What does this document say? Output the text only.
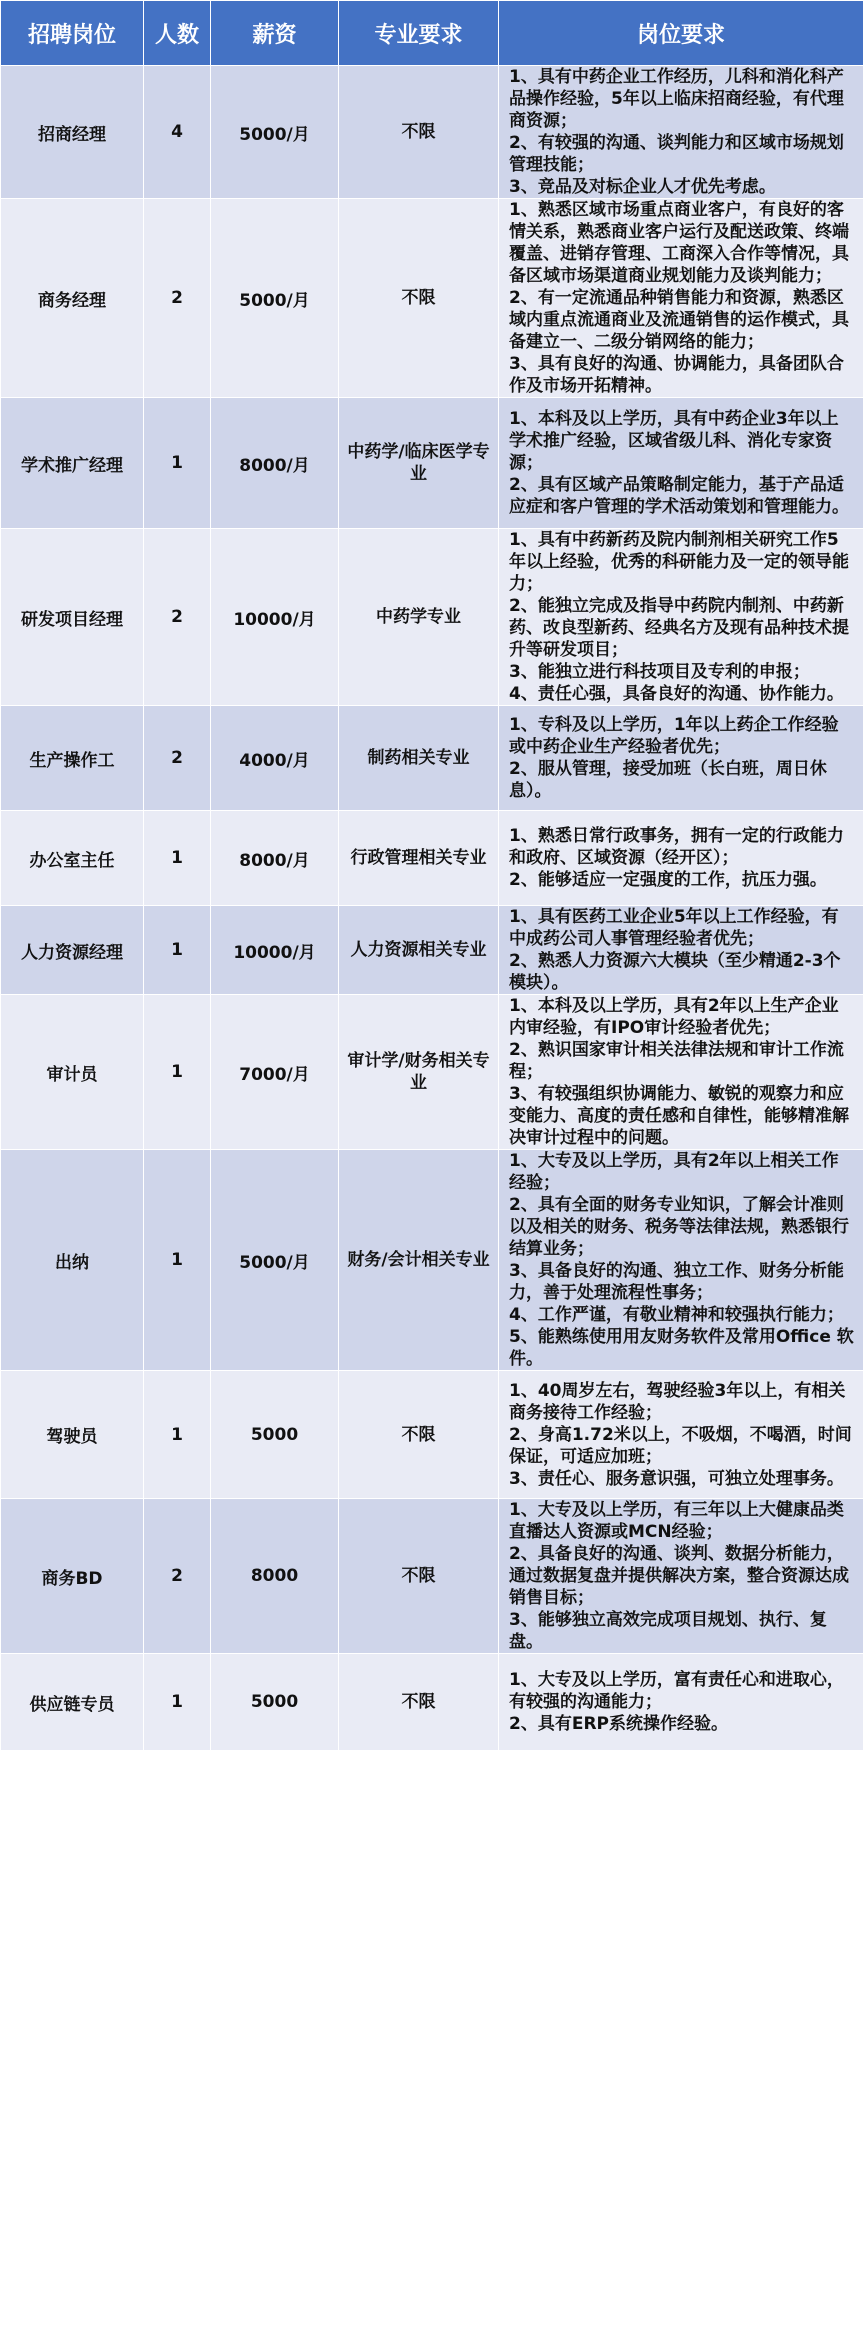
招聘岗位	人数	薪资	专业要求	岗位要求
招商经理	4	5000/月	不限	1、具有中药企业工作经历，儿科和消化科产品操作经验，5年以上临床招商经验，有代理商资源；
2、有较强的沟通、谈判能力和区域市场规划管理技能；
3、竞品及对标企业人才优先考虑。
商务经理	2	5000/月	不限	1、熟悉区域市场重点商业客户，有良好的客情关系，熟悉商业客户运行及配送政策、终端覆盖、进销存管理、工商深入合作等情况，具备区域市场渠道商业规划能力及谈判能力；
2、有一定流通品种销售能力和资源，熟悉区域内重点流通商业及流通销售的运作模式，具备建立一、二级分销网络的能力；
3、具有良好的沟通、协调能力，具备团队合作及市场开拓精神。
学术推广经理	1	8000/月	中药学/临床医学专业	1、本科及以上学历，具有中药企业3年以上学术推广经验，区域省级儿科、消化专家资源；
2、具有区域产品策略制定能力，基于产品适应症和客户管理的学术活动策划和管理能力。
研发项目经理	2	10000/月	中药学专业	1、具有中药新药及院内制剂相关研究工作5年以上经验，优秀的科研能力及一定的领导能力；
2、能独立完成及指导中药院内制剂、中药新药、改良型新药、经典名方及现有品种技术提升等研发项目；
3、能独立进行科技项目及专利的申报；
4、责任心强，具备良好的沟通、协作能力。
生产操作工	2	4000/月	制药相关专业	1、专科及以上学历，1年以上药企工作经验或中药企业生产经验者优先；
2、服从管理，接受加班（长白班，周日休息）。
办公室主任	1	8000/月	行政管理相关专业	1、熟悉日常行政事务，拥有一定的行政能力和政府、区域资源（经开区）；
2、能够适应一定强度的工作，抗压力强。
人力资源经理	1	10000/月	人力资源相关专业	1、具有医药工业企业5年以上工作经验，有中成药公司人事管理经验者优先；
2、熟悉人力资源六大模块（至少精通2-3个模块）。
审计员	1	7000/月	审计学/财务相关专业	1、本科及以上学历，具有2年以上生产企业内审经验，有IPO审计经验者优先；
2、熟识国家审计相关法律法规和审计工作流程；
3、有较强组织协调能力、敏锐的观察力和应变能力、高度的责任感和自律性，能够精准解决审计过程中的问题。
出纳	1	5000/月	财务/会计相关专业	1、大专及以上学历，具有2年以上相关工作经验；
2、具有全面的财务专业知识，了解会计准则以及相关的财务、税务等法律法规，熟悉银行结算业务；
3、具备良好的沟通、独立工作、财务分析能力，善于处理流程性事务；
4、工作严谨，有敬业精神和较强执行能力；
5、能熟练使用用友财务软件及常用Office 软件。
驾驶员	1	5000	不限	1、40周岁左右，驾驶经验3年以上，有相关商务接待工作经验；
2、身高1.72米以上，不吸烟，不喝酒，时间保证，可适应加班；
3、责任心、服务意识强，可独立处理事务。
商务BD	2	8000	不限	1、大专及以上学历，有三年以上大健康品类直播达人资源或MCN经验；
2、具备良好的沟通、谈判、数据分析能力，通过数据复盘并提供解决方案，整合资源达成销售目标；
3、能够独立高效完成项目规划、执行、复盘。
供应链专员	1	5000	不限	1、大专及以上学历，富有责任心和进取心，有较强的沟通能力；
2、具有ERP系统操作经验。
